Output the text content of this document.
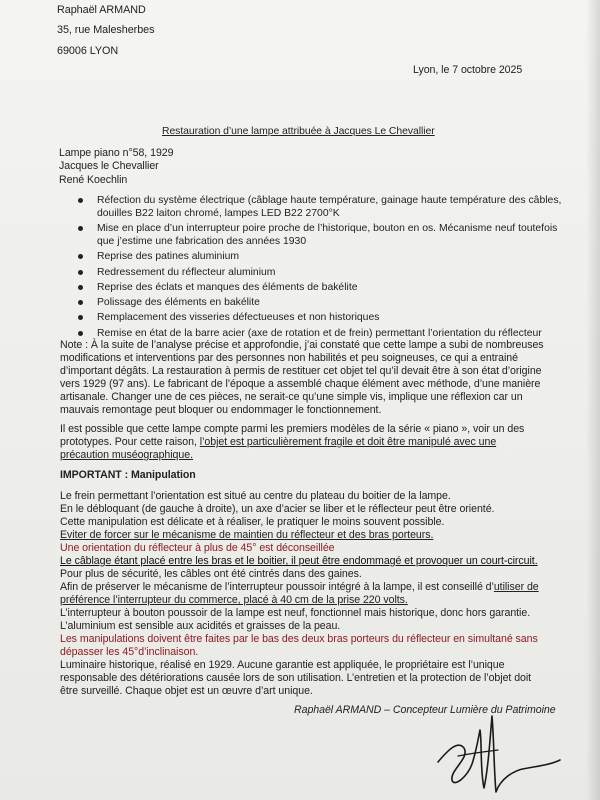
Raphaël ARMAND
35, rue Malesherbes
69006 LYON
Lyon, le 7 octobre 2025
Restauration d’une lampe attribuée à Jacques Le Chevallier
Lampe piano n°58, 1929
Jacques le Chevallier
René Koechlin
Réfection du système électrique (câblage haute température, gainage haute température des câbles, douilles B22 laiton chromé, lampes LED B22 2700°K
Mise en place d’un interrupteur poire proche de l’historique, bouton en os. Mécanisme neuf toutefois que j’estime une fabrication des années 1930
Reprise des patines aluminium
Redressement du réflecteur aluminium
Reprise des éclats et manques des éléments de bakélite
Polissage des éléments en bakélite
Remplacement des visseries défectueuses et non historiques
Remise en état de la barre acier (axe de rotation et de frein) permettant l’orientation du réflecteur
Note : À la suite de l’analyse précise et approfondie, j’ai constaté que cette lampe a subi de nombreuses
modifications et interventions par des personnes non habilités et peu soigneuses, ce qui a entrainé
d’important dégâts. La restauration à permis de restituer cet objet tel qu’il devait être à son état d’origine
vers 1929 (97 ans). Le fabricant de l’époque a assemblé chaque élément avec méthode, d’une manière
artisanale. Changer une de ces pièces, ne serait-ce qu’une simple vis, implique une réflexion car un
mauvais remontage peut bloquer ou endommager le fonctionnement.
Il est possible que cette lampe compte parmi les premiers modèles de la série « piano », voir un des
prototypes. Pour cette raison, l’objet est particulièrement fragile et doit être manipulé avec une
précaution muséographique.
IMPORTANT : Manipulation
Le frein permettant l’orientation est situé au centre du plateau du boitier de la lampe.
En le débloquant (de gauche à droite), un axe d’acier se liber et le réflecteur peut être orienté.
Cette manipulation est délicate et à réaliser, le pratiquer le moins souvent possible.
Eviter de forcer sur le mécanisme de maintien du réflecteur et des bras porteurs.
Une orientation du réflecteur à plus de 45° est déconseillée
Le câblage étant placé entre les bras et le boitier, il peut être endommagé et provoquer un court-circuit.
Pour plus de sécurité, les câbles ont été cintrés dans des gaines.
Afin de préserver le mécanisme de l’interrupteur poussoir intégré à la lampe, il est conseillé d’utiliser de
préférence l’interrupteur du commerce, placé à 40 cm de la prise 220 volts.
L’interrupteur à bouton poussoir de la lampe est neuf, fonctionnel mais historique, donc hors garantie.
L’aluminium est sensible aux acidités et graisses de la peau.
Les manipulations doivent être faites par le bas des deux bras porteurs du réflecteur en simultané sans
dépasser les 45°d’inclinaison.
Luminaire historique, réalisé en 1929. Aucune garantie est appliquée, le propriétaire est l’unique
responsable des détériorations causée lors de son utilisation. L’entretien et la protection de l’objet doit
être surveillé. Chaque objet est un œuvre d’art unique.
Raphaël ARMAND – Concepteur Lumière du Patrimoine
